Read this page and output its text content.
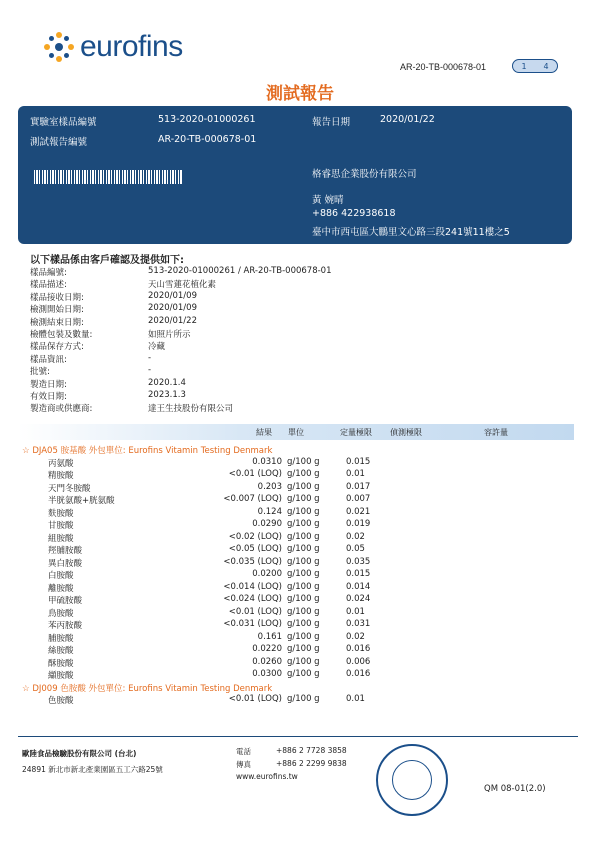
eurofins
AR-20-TB-000678-01	1 4
測試報告
實驗室樣品編號	513-2020-01000261	報告日期	2020/01/22
測試報告編號	AR-20-TB-000678-01
格睿思企業股份有限公司
黃 婉晴
+886 422938618
臺中市西屯區大鵬里文心路三段241號11樓之5
以下樣品係由客戶確認及提供如下:
樣品編號:	513-2020-01000261 / AR-20-TB-000678-01
樣品描述:	天山雪蓮花植化素
樣品接收日期:	2020/01/09
檢測開始日期:	2020/01/09
檢測結束日期:	2020/01/22
檢體包裝及數量:	如照片所示
樣品保存方式:	冷藏
樣品資訊:	-
批號:	-
製造日期:	2020.1.4
有效日期:	2023.1.3
製造商或供應商:	達王生技股份有限公司
結果 單位	定量極限 偵測極限	容許量
☆ DJA05 胺基酸 外包單位: Eurofins Vitamin Testing Denmark
丙氨酸	0.0310 g/100 g	0.015
精胺酸	<0.01 (LOQ) g/100 g	0.01
天門冬胺酸	0.203 g/100 g	0.017
半胱氨酸+胱氨酸	<0.007 (LOQ) g/100 g	0.007
麩胺酸	0.124 g/100 g	0.021
甘胺酸	0.0290 g/100 g	0.019
組胺酸	<0.02 (LOQ) g/100 g	0.02
羥脯胺酸	<0.05 (LOQ) g/100 g	0.05
異白胺酸	<0.035 (LOQ) g/100 g	0.035
白胺酸	0.0200 g/100 g	0.015
離胺酸	<0.014 (LOQ) g/100 g	0.014
甲硫胺酸	<0.024 (LOQ) g/100 g	0.024
鳥胺酸	<0.01 (LOQ) g/100 g	0.01
苯丙胺酸	<0.031 (LOQ) g/100 g	0.031
脯胺酸	0.161 g/100 g	0.02
絲胺酸	0.0220 g/100 g	0.016
酥胺酸	0.0260 g/100 g	0.006
纈胺酸	0.0300 g/100 g	0.016
☆ DJ009 色胺酸 外包單位: Eurofins Vitamin Testing Denmark
色胺酸	<0.01 (LOQ) g/100 g	0.01
歐陸食品檢驗股份有限公司 (台北)
24891 新北市新北產業園區五工六路25號
電話	+886 2 7728 3858
傳真	+886 2 2299 9838
www.eurofins.tw
QM 08-01(2.0)
